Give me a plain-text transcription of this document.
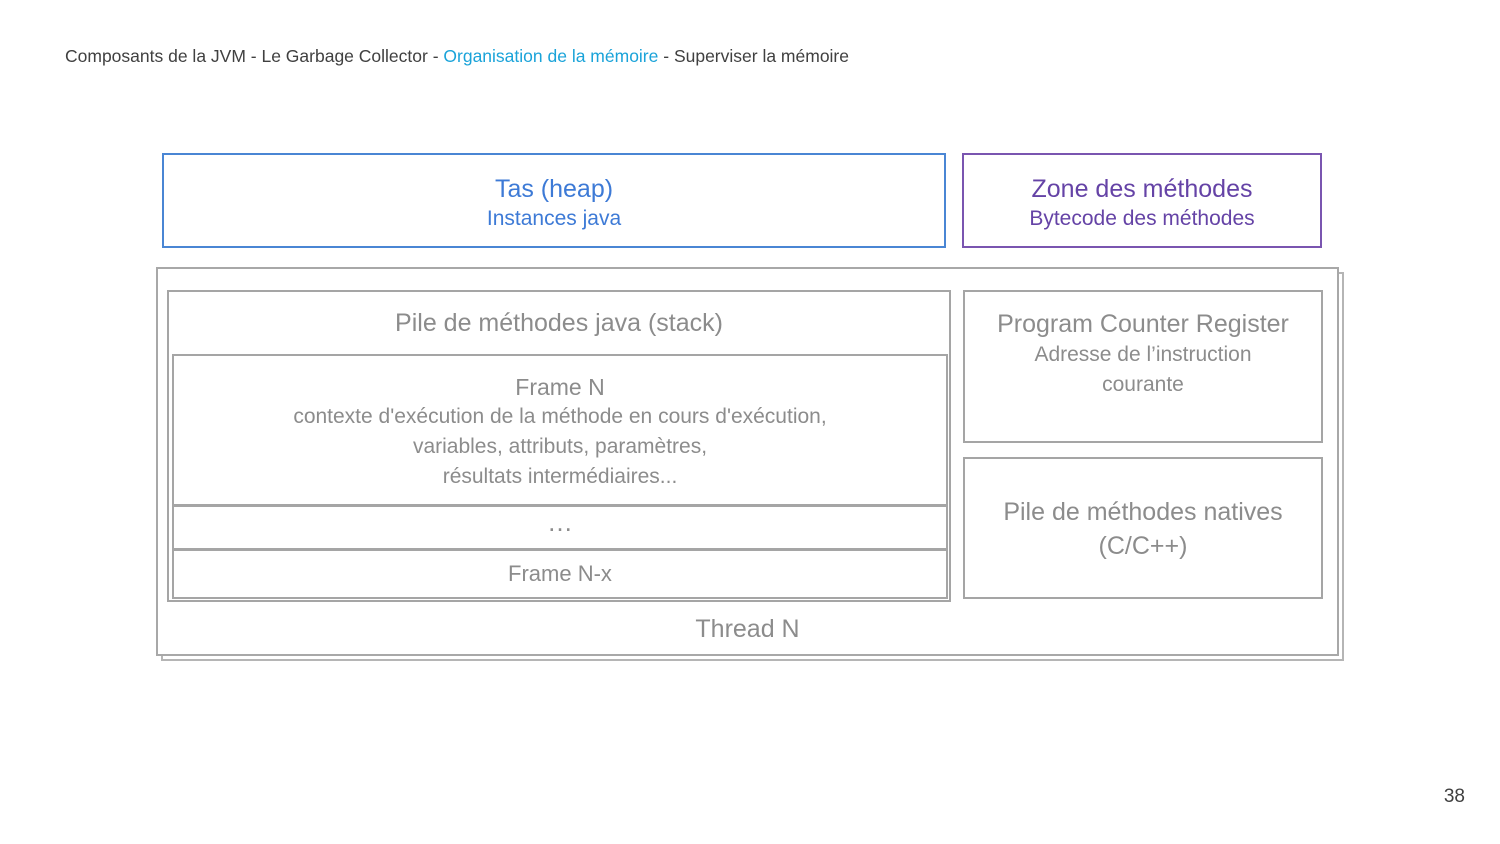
Composants de la JVM - Le Garbage Collector - Organisation de la mémoire - Superviser la mémoire
Tas (heap)
Instances java
Zone des méthodes
Bytecode des méthodes
Pile de méthodes java (stack)
Frame N
contexte d'exécution de la méthode en cours d'exécution,
variables, attributs, paramètres,
résultats intermédiaires...
…
Frame N-x
Program Counter Register
Adresse de l’instruction courante
Pile de méthodes natives
(C/C++)
Thread N
38
